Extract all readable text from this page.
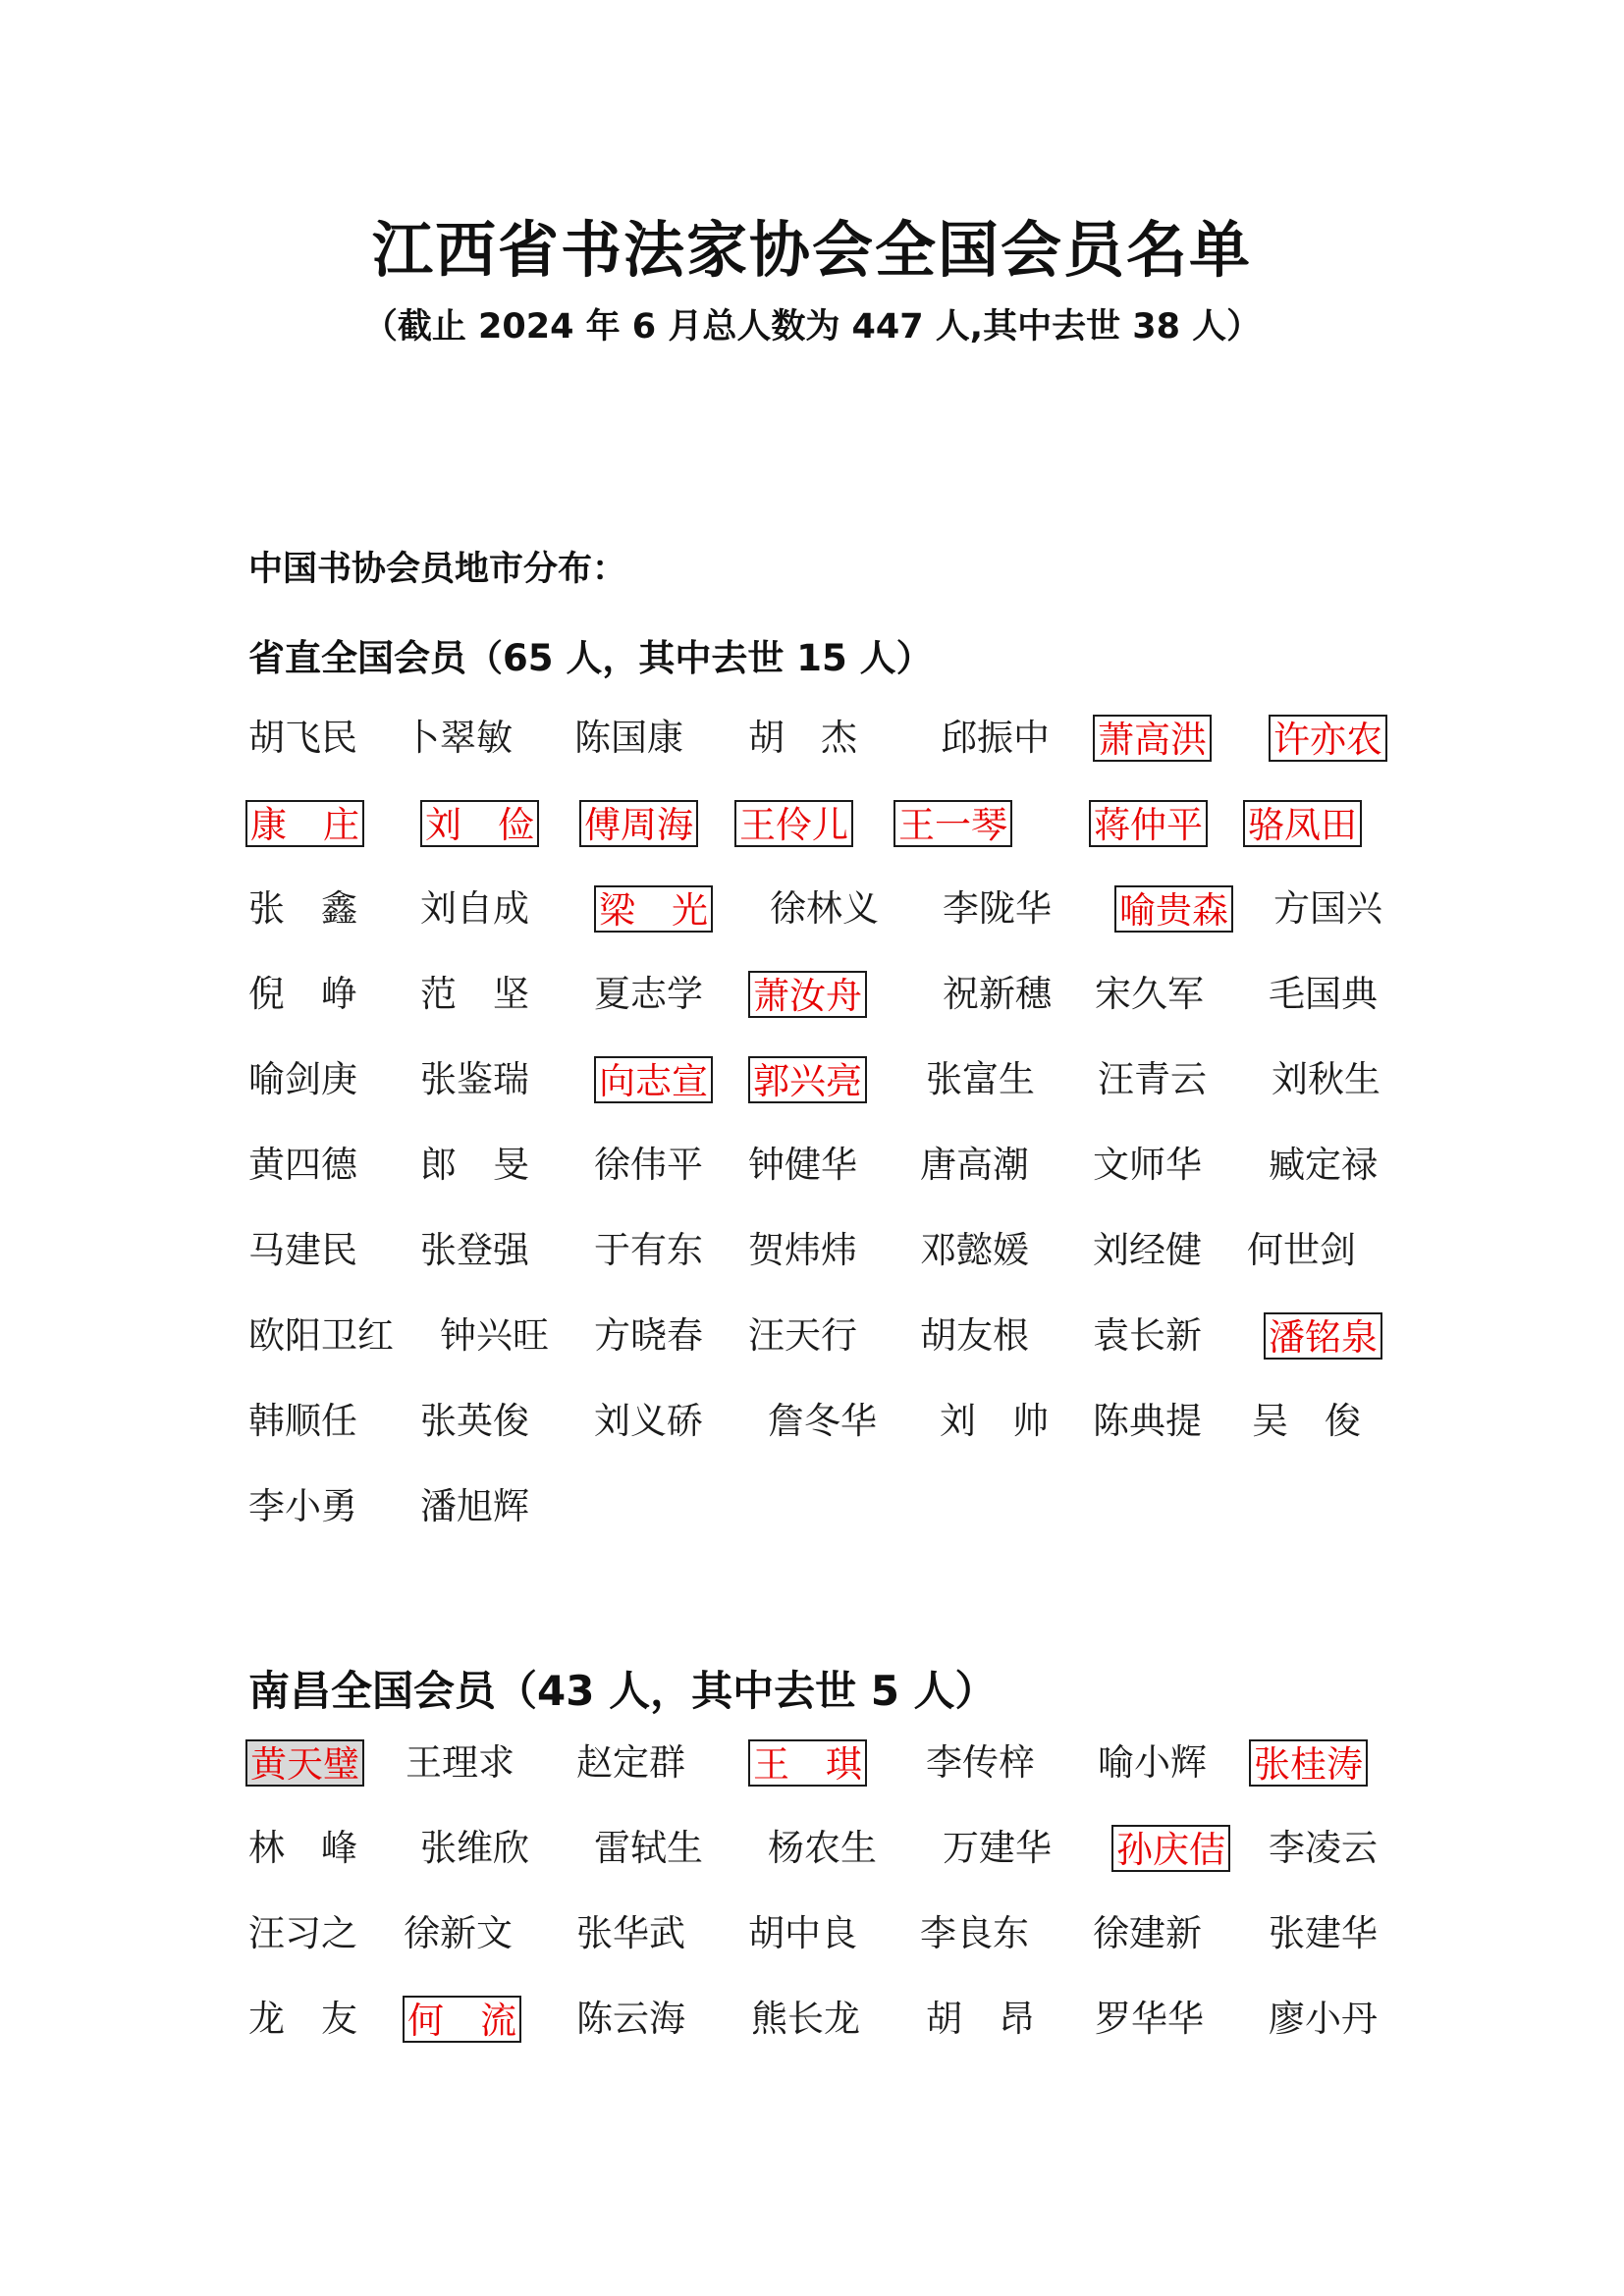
江西省书法家协会全国会员名单
（截止 2024 年 6 月总人数为 447 人,其中去世 38 人）
中国书协会员地市分布：
省直全国会员（65 人，其中去世 15 人）
南昌全国会员（43 人，其中去世 5 人）
胡飞民 卜翠敏 陈国康 胡　杰 邱振中 萧高洪 许亦农
康　庄 刘　俭 傅周海 王伶儿 王一琴 蒋仲平 骆凤田
张　鑫 刘自成 梁　光 徐林义 李陇华 喻贵森 方国兴
倪　峥 范　坚 夏志学 萧汝舟 祝新穗 宋久军 毛国典
喻剑庚 张鉴瑞 向志宣 郭兴亮 张富生 汪青云 刘秋生
黄四德 郎　旻 徐伟平 钟健华 唐高潮 文师华 臧定禄
马建民 张登强 于有东 贺炜炜 邓懿媛 刘经健 何世剑
欧阳卫红 钟兴旺 方晓春 汪天行 胡友根 袁长新 潘铭泉
韩顺任 张英俊 刘义硚 詹冬华 刘　帅 陈典提 吴　俊
李小勇 潘旭辉
黄天璧 王理求 赵定群 王　琪 李传梓 喻小辉 张桂涛
林　峰 张维欣 雷轼生 杨农生 万建华 孙庆佶 李凌云
汪习之 徐新文 张华武 胡中良 李良东 徐建新 张建华
龙　友 何　流 陈云海 熊长龙 胡　昂 罗华华 廖小丹
